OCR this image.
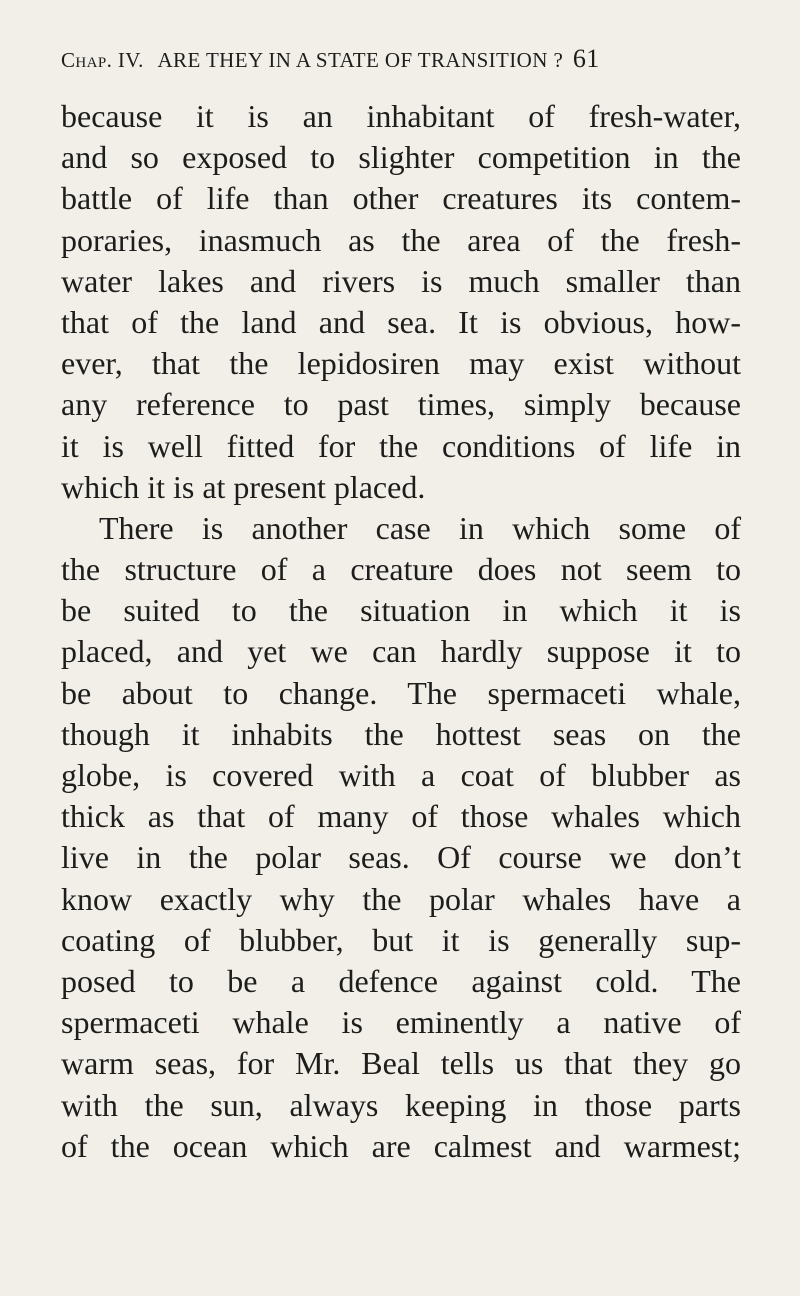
Chap. IV. ARE THEY IN A STATE OF TRANSITION ? 61
because it is an inhabitant of fresh-water,
and so exposed to slighter competition in the
battle of life than other creatures its contem-
poraries, inasmuch as the area of the fresh-
water lakes and rivers is much smaller than
that of the land and sea. It is obvious, how-
ever, that the lepidosiren may exist without
any reference to past times, simply because
it is well fitted for the conditions of life in
which it is at present placed.
There is another case in which some of
the structure of a creature does not seem to
be suited to the situation in which it is
placed, and yet we can hardly suppose it to
be about to change. The spermaceti whale,
though it inhabits the hottest seas on the
globe, is covered with a coat of blubber as
thick as that of many of those whales which
live in the polar seas. Of course we don’t
know exactly why the polar whales have a
coating of blubber, but it is generally sup-
posed to be a defence against cold. The
spermaceti whale is eminently a native of
warm seas, for Mr. Beal tells us that they go
with the sun, always keeping in those parts
of the ocean which are calmest and warmest;
